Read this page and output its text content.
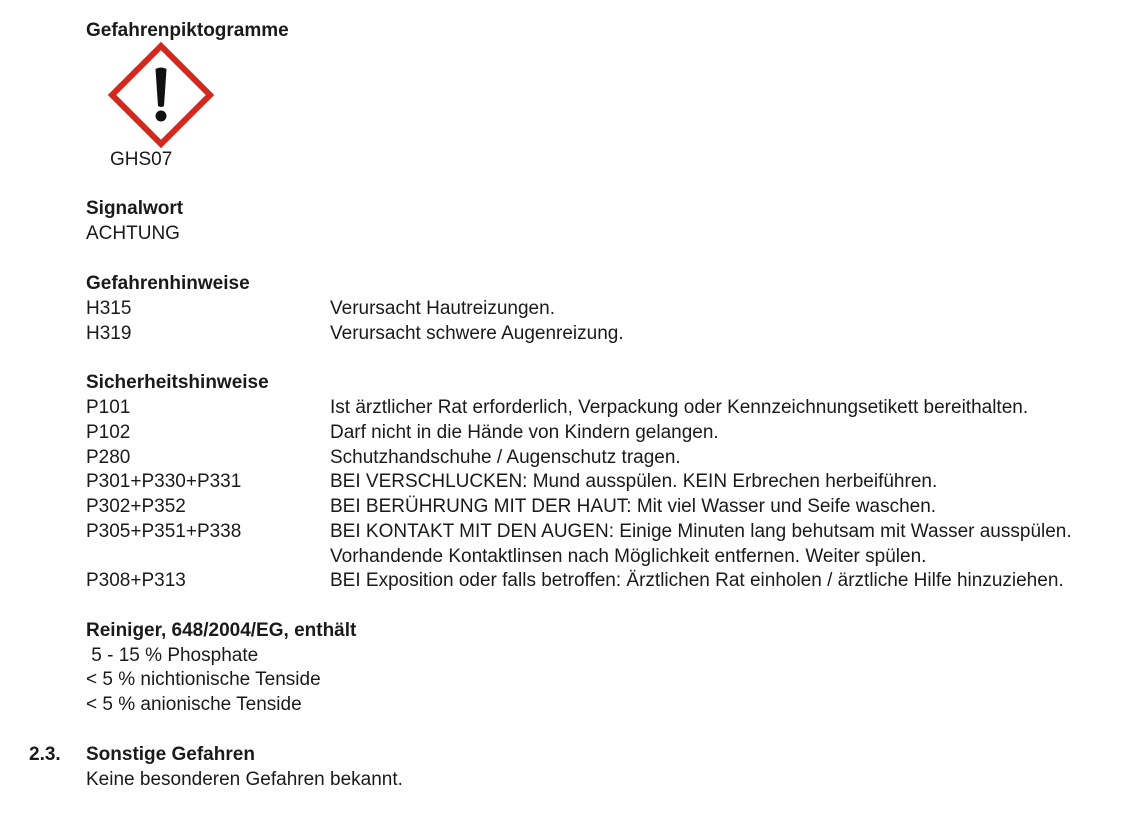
Gefahrenpiktogramme
GHS07
Signalwort
ACHTUNG
Gefahrenhinweise
H315	Verursacht Hautreizungen.
H319	Verursacht schwere Augenreizung.
Sicherheitshinweise
P101	Ist ärztlicher Rat erforderlich, Verpackung oder Kennzeichnungsetikett bereithalten.
P102	Darf nicht in die Hände von Kindern gelangen.
P280	Schutzhandschuhe / Augenschutz tragen.
P301+P330+P331	BEI VERSCHLUCKEN: Mund ausspülen. KEIN Erbrechen herbeiführen.
P302+P352	BEI BERÜHRUNG MIT DER HAUT: Mit viel Wasser und Seife waschen.
P305+P351+P338	BEI KONTAKT MIT DEN AUGEN: Einige Minuten lang behutsam mit Wasser ausspülen.
Vorhandende Kontaktlinsen nach Möglichkeit entfernen. Weiter spülen.
P308+P313	BEI Exposition oder falls betroffen: Ärztlichen Rat einholen / ärztliche Hilfe hinzuziehen.
Reiniger, 648/2004/EG, enthält
5 - 15 % Phosphate
< 5 % nichtionische Tenside
< 5 % anionische Tenside
2.3. Sonstige Gefahren
Keine besonderen Gefahren bekannt.
